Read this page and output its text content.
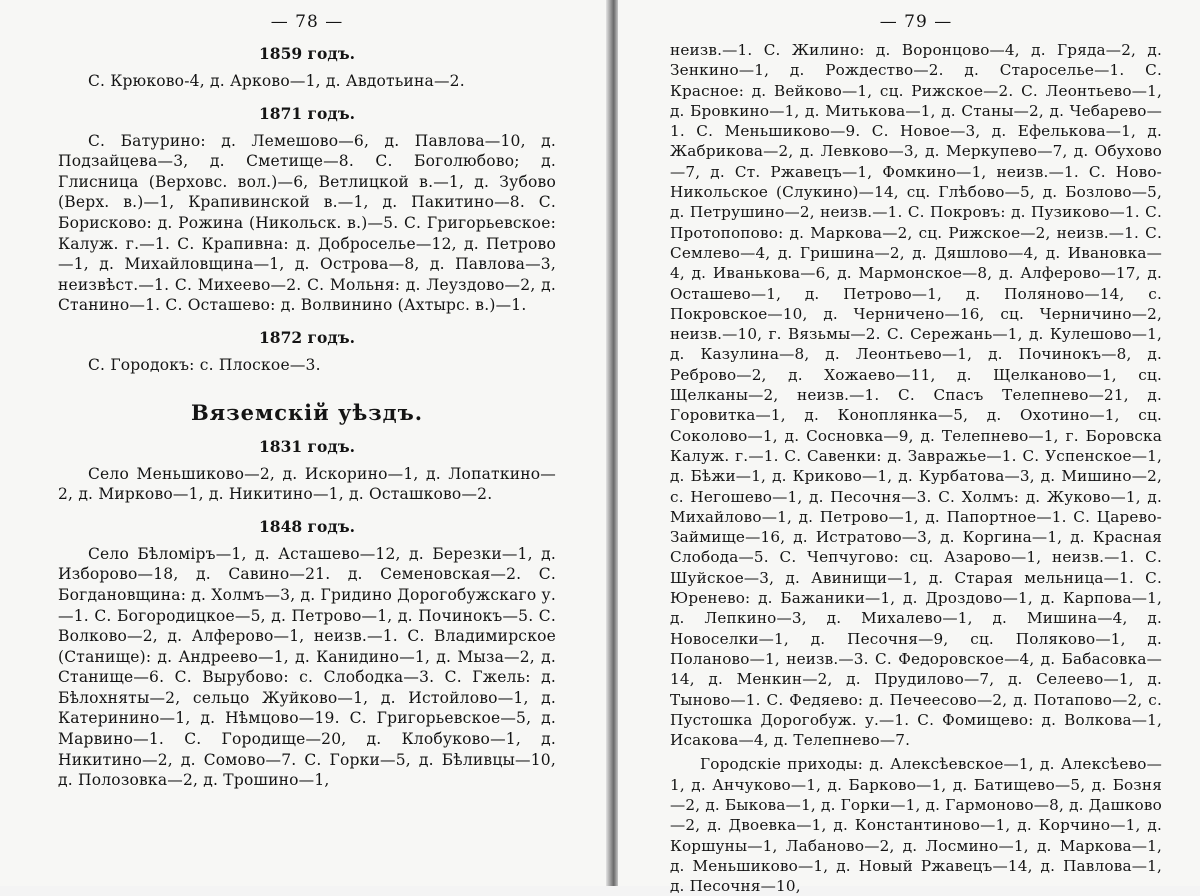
— 78 —
1859 годъ.

С. Крюково-4, д. Арково—1, д. Авдотьина—2.

1871 годъ.

С. Батурино: д. Лемешово—6, д. Павлова—10, д. Подзайцева—3, д. Сметище—8. С. Боголюбово; д. Глисница (Верховс. вол.)—6, Ветлицкой в.—1, д. Зубово (Верх. в.)—1, Крапивинской в.—1, д. Пакитино—8. С. Борисково: д. Рожина (Никольск. в.)—5. С. Григорьевское: Калуж. г.—1. С. Крапивна: д. Доброселье—12, д. Петрово—1, д. Михайловщина—1, д. Острова—8, д. Павлова—3, неизвѣст.—1. С. Михеево—2. С. Мольня: д. Леуздово—2, д. Станино—1. С. Осташево: д. Волвинино (Ахтырс. в.)—1.

1872 годъ.

С. Городокъ: с. Плоское—3.

Вяземскій уѣздъ.
1831 годъ.

Село Меньшиково—2, д. Искорино—1, д. Лопаткино—2, д. Мирково—1, д. Никитино—1, д. Осташково—2.

1848 годъ.

Село Бѣломiръ—1, д. Асташево—12, д. Березки—1, д. Изборово—18, д. Савино—21. д. Семеновская—2. С. Богдановщина: д. Холмъ—3, д. Гридино Дорогобужскаго у.—1. С. Богородицкое—5, д. Петрово—1, д. Починокъ—5. С. Волково—2, д. Алферово—1, неизв.—1. С. Владимирское (Станище): д. Андреево—1, д. Канидино—1, д. Мыза—2, д. Станище—6. С. Вырубово: с. Слободка—3. С. Гжель: д. Бѣлохняты—2, сельцо Жуйково—1, д. Истойлово—1, д. Катеринино—1, д. Нѣмцово—19. С. Григорьевское—5, д. Марвино—1. С. Городище—20, д. Клобуково—1, д. Никитино—2, д. Сомово—7. С. Горки—5, д. Бѣливцы—10, д. Полозовка—2, д. Трошино—1,

— 79 —

неизв.—1. С. Жилино: д. Воронцово—4, д. Гряда—2, д. Зенкино—1, д. Рождество—2. д. Староселье—1. С. Красное: д. Вейково—1, сц. Рижское—2. С. Леонтьево—1, д. Бровкино—1, д. Митькова—1, д. Станы—2, д. Чебарево—1. С. Меньшиково—9. С. Новое—3, д. Ефелькова—1, д. Жабрикова—2, д. Левково—3, д. Меркупево—7, д. Обухово—7, д. Ст. Ржавецъ—1, Фомкино—1, неизв.—1. С. Ново-Никольское (Слукино)—14, сц. Глѣбово—5, д. Бозлово—5, д. Петрушино—2, неизв.—1. С. Покровъ: д. Пузиково—1. С. Протопопово: д. Маркова—2, сц. Рижское—2, неизв.—1. С. Семлево—4, д. Гришина—2, д. Дяшлово—4, д. Ивановка—4, д. Иванькова—6, д. Мармонское—8, д. Алферово—17, д. Осташево—1, д. Петрово—1, д. Поляново—14, с. Покровское—10, д. Черничено—16, сц. Черничино—2, неизв.—10, г. Вязьмы—2. С. Сережань—1, д. Кулешово—1, д. Казулина—8, д. Леонтьево—1, д. Починокъ—8, д. Реброво—2, д. Хожаево—11, д. Щелканово—1, сц. Щелканы—2, неизв.—1. С. Спасъ Телепнево—21, д. Горовитка—1, д. Коноплянка—5, д. Охотино—1, сц. Соколово—1, д. Сосновка—9, д. Телепнево—1, г. Боровска Калуж. г.—1. С. Савенки: д. Завражье—1. С. Успенское—1, д. Бѣжи—1, д. Криково—1, д. Курбатова—3, д. Мишино—2, с. Негошево—1, д. Песочня—3. С. Холмъ: д. Жуково—1, д. Михайлово—1, д. Петрово—1, д. Папортное—1. С. Царево-Займище—16, д. Истратово—3, д. Коргина—1, д. Красная Слобода—5. С. Чепчугово: сц. Азарово—1, неизв.—1. С. Шуйское—3, д. Авинищи—1, д. Старая мельница—1. С. Юренево: д. Бажаники—1, д. Дроздово—1, д. Карпова—1, д. Лепкино—3, д. Михалево—1, д. Мишина—4, д. Новоселки—1, д. Песочня—9, сц. Поляково—1, д. Поланово—1, неизв.—3. С. Федоровское—4, д. Бабасовка—14, д. Менкин—2, д. Прудилово—7, д. Селеево—1, д. Тыново—1. С. Федяево: д. Печеесово—2, д. Потапово—2, с. Пустошка Дорогобуж. у.—1. С. Фомищево: д. Волкова—1, Исакова—4, д. Телепнево—7.

Городскіе приходы: д. Алексѣевское—1, д. Алексѣево—1, д. Анчуково—1, д. Барково—1, д. Батищево—5, д. Бозня—2, д. Быкова—1, д. Горки—1, д. Гармоново—8, д. Дашково—2, д. Двоевка—1, д. Константиново—1, д. Корчино—1, д. Коршуны—1, Лабаново—2, д. Лосмино—1, д. Маркова—1, д. Меньшиково—1, д. Новый Ржавецъ—14, д. Павлова—1, д. Песочня—10,
